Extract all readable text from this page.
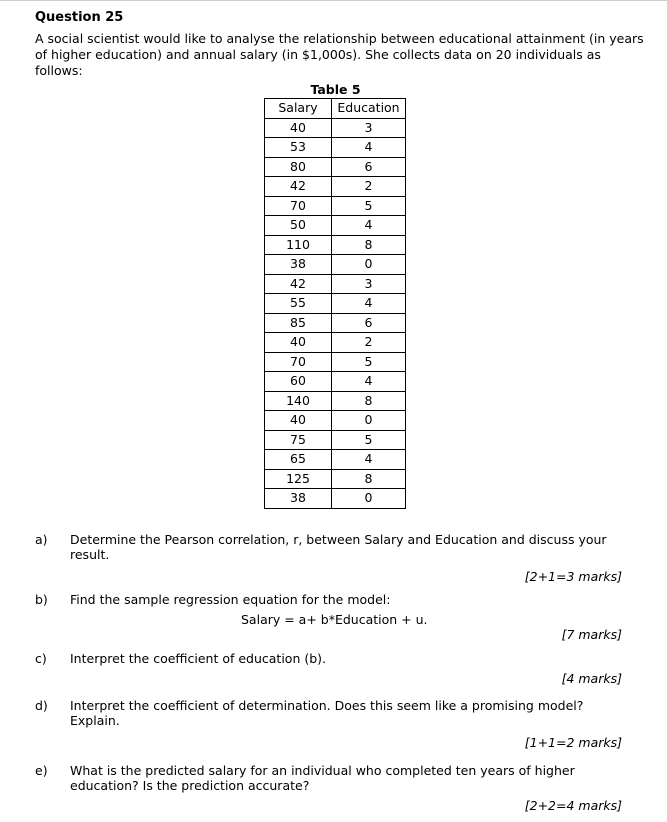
Question 25
A social scientist would like to analyse the relationship between educational attainment (in years of higher education) and annual salary (in $1,000s). She collects data on 20 individuals as follows:
Table 5
Salary	Education
40	3
53	4
80	6
42	2
70	5
50	4
110	8
38	0
42	3
55	4
85	6
40	2
70	5
60	4
140	8
40	0
75	5
65	4
125	8
38	0
a) Determine the Pearson correlation, r, between Salary and Education and discuss your result.
[2+1=3 marks]
b) Find the sample regression equation for the model:
Salary = a+ b*Education + u.
[7 marks]
c) Interpret the coefficient of education (b).
[4 marks]
d) Interpret the coefficient of determination. Does this seem like a promising model? Explain.
[1+1=2 marks]
e) What is the predicted salary for an individual who completed ten years of higher education? Is the prediction accurate?
[2+2=4 marks]
